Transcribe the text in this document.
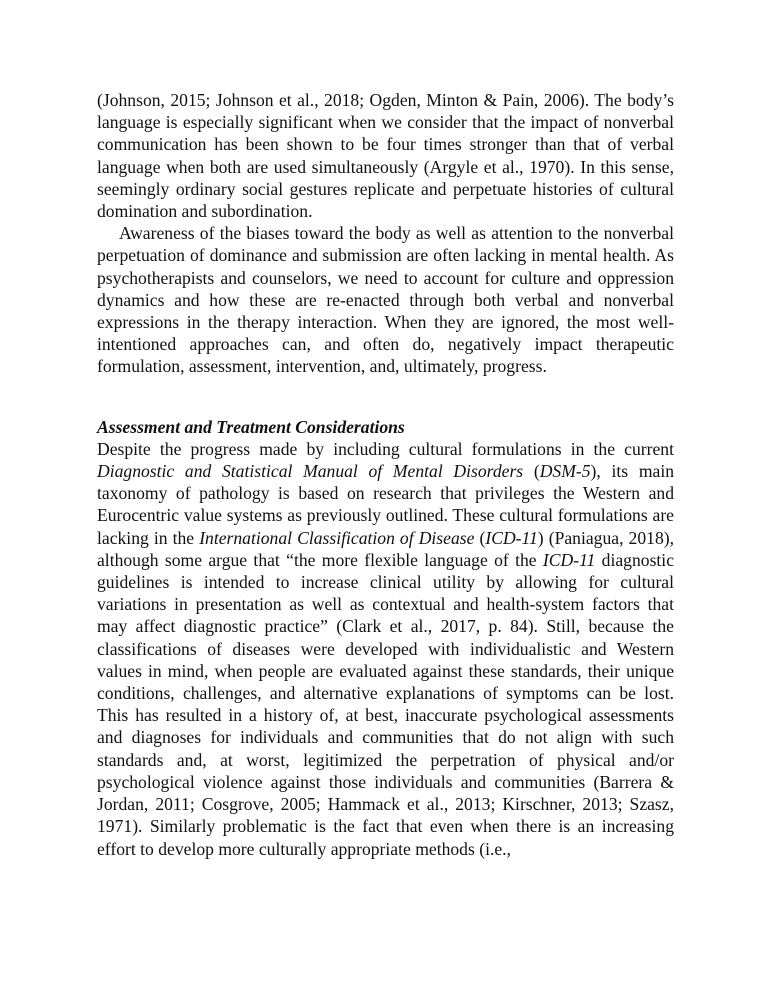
(Johnson, 2015; Johnson et al., 2018; Ogden, Minton & Pain, 2006). The body’s language is especially significant when we consider that the impact of nonverbal communication has been shown to be four times stronger than that of verbal language when both are used simultaneously (Argyle et al., 1970). In this sense, seemingly ordinary social gestures replicate and perpetuate histories of cultural domination and subordination.

Awareness of the biases toward the body as well as attention to the nonverbal perpetuation of dominance and submission are often lacking in mental health. As psychotherapists and counselors, we need to account for culture and oppression dynamics and how these are re-enacted through both verbal and nonverbal expressions in the therapy interaction. When they are ignored, the most well-intentioned approaches can, and often do, negatively impact therapeutic formulation, assessment, intervention, and, ultimately, progress.

Assessment and Treatment Considerations

Despite the progress made by including cultural formulations in the current Diagnostic and Statistical Manual of Mental Disorders (DSM-5), its main taxonomy of pathology is based on research that privileges the Western and Eurocentric value systems as previously outlined. These cultural formulations are lacking in the International Classification of Disease (ICD-11) (Paniagua, 2018), although some argue that “the more flexible language of the ICD-11 diagnostic guidelines is intended to increase clinical utility by allowing for cultural variations in presentation as well as contextual and health-system factors that may affect diagnostic practice” (Clark et al., 2017, p. 84). Still, because the classifications of diseases were developed with individualistic and Western values in mind, when people are evaluated against these standards, their unique conditions, challenges, and alternative explanations of symptoms can be lost. This has resulted in a history of, at best, inaccurate psychological assessments and diagnoses for individuals and communities that do not align with such standards and, at worst, legitimized the perpetration of physical and/or psychological violence against those individuals and communities (Barrera & Jordan, 2011; Cosgrove, 2005; Hammack et al., 2013; Kirschner, 2013; Szasz, 1971). Similarly problematic is the fact that even when there is an increasing effort to develop more culturally appropriate methods (i.e.,
